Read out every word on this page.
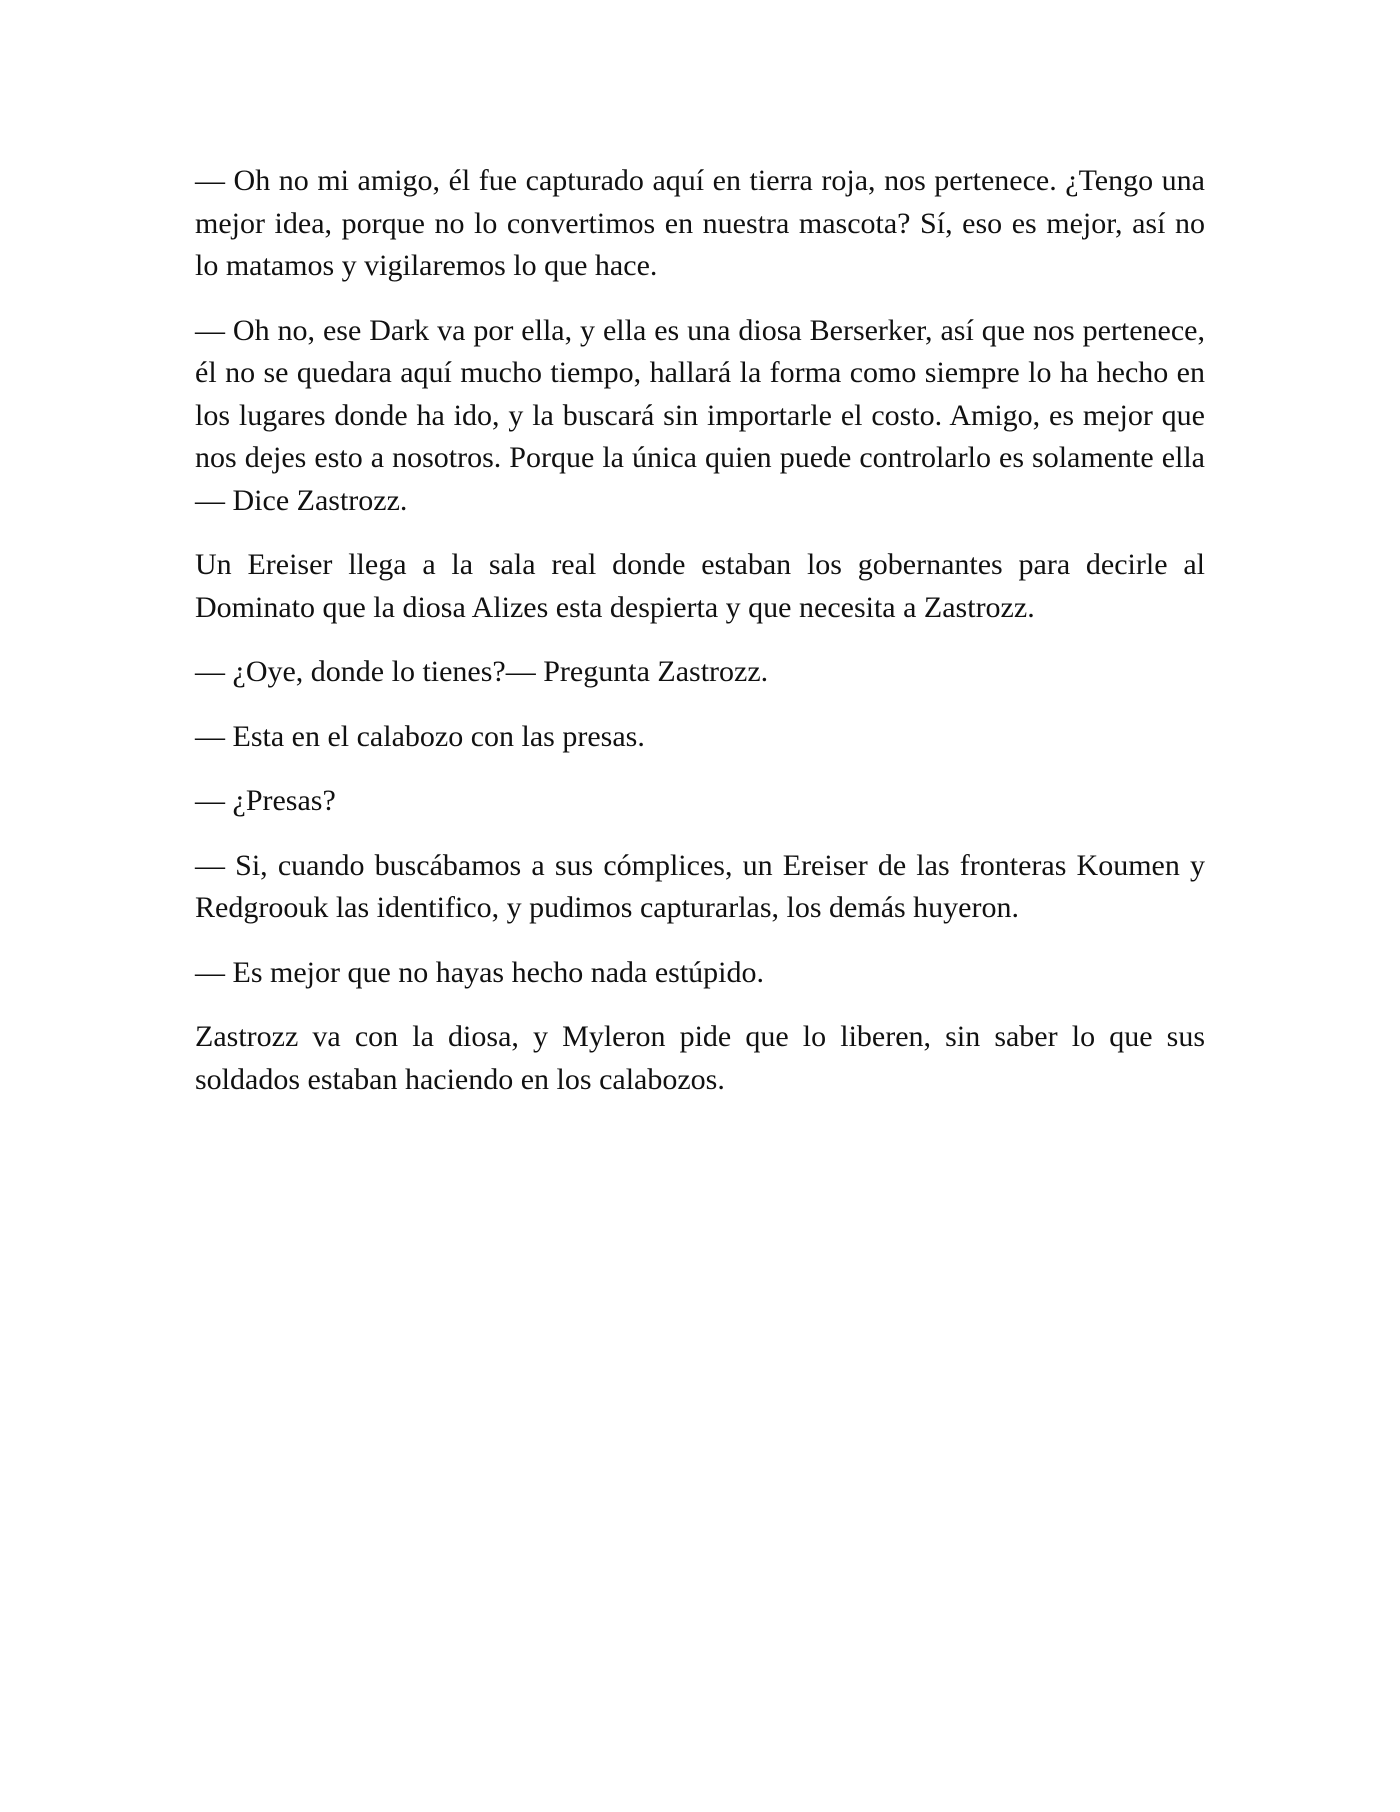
— Oh no mi amigo, él fue capturado aquí en tierra roja, nos pertenece. ¿Tengo una mejor idea, porque no lo convertimos en nuestra mascota? Sí, eso es mejor, así no lo matamos y vigilaremos lo que hace.

— Oh no, ese Dark va por ella, y ella es una diosa Berserker, así que nos pertenece, él no se quedara aquí mucho tiempo, hallará la forma como siempre lo ha hecho en los lugares donde ha ido, y la buscará sin importarle el costo. Amigo, es mejor que nos dejes esto a nosotros. Porque la única quien puede controlarlo es solamente ella— Dice Zastrozz.

Un Ereiser llega a la sala real donde estaban los gobernantes para decirle al Dominato que la diosa Alizes esta despierta y que necesita a Zastrozz.

— ¿Oye, donde lo tienes?— Pregunta Zastrozz.

— Esta en el calabozo con las presas.

— ¿Presas?

— Si, cuando buscábamos a sus cómplices, un Ereiser de las fronteras Koumen y Redgroouk las identifico, y pudimos capturarlas, los demás huyeron.

— Es mejor que no hayas hecho nada estúpido.

Zastrozz va con la diosa, y Myleron pide que lo liberen, sin saber lo que sus soldados estaban haciendo en los calabozos.
